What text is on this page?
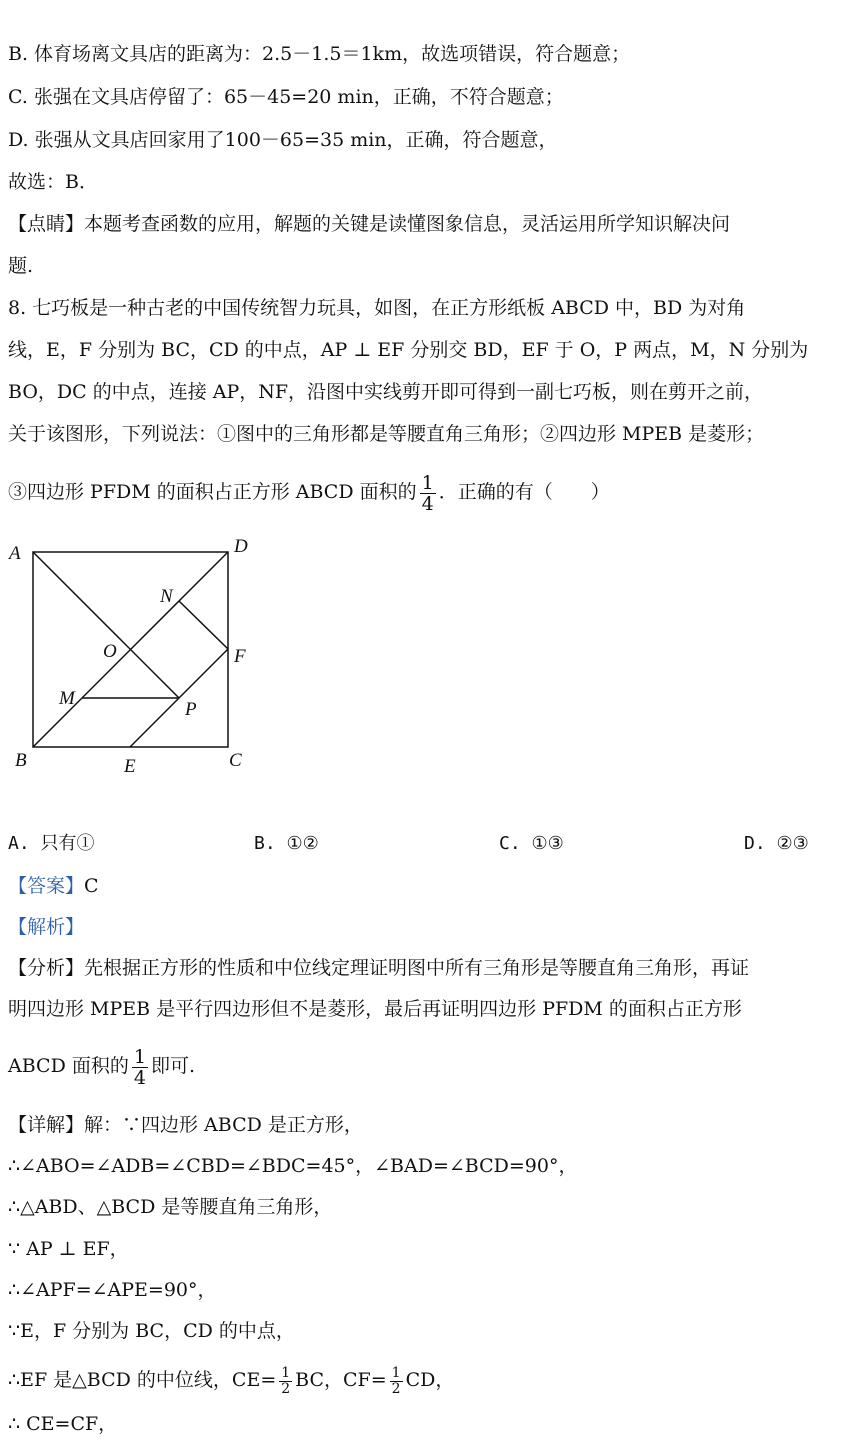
B. 体育场离文具店的距离为：2.5－1.5＝1km，故选项错误，符合题意；
C. 张强在文具店停留了：65－45=20 min，正确，不符合题意；
D. 张强从文具店回家用了100－65=35 min，正确，符合题意，
故选：B．
【点睛】本题考查函数的应用，解题的关键是读懂图象信息，灵活运用所学知识解决问
题.
8. 七巧板是一种古老的中国传统智力玩具，如图，在正方形纸板 ABCD 中，BD 为对角
线，E，F 分别为 BC，CD 的中点，AP ⊥ EF 分别交 BD，EF 于 O，P 两点，M，N 分别为
BO，DC 的中点，连接 AP，NF，沿图中实线剪开即可得到一副七巧板，则在剪开之前，
关于该图形，下列说法：①图中的三角形都是等腰直角三角形；②四边形 MPEB 是菱形；
③四边形 PFDM 的面积占正方形 ABCD 面积的 $\frac{1}{4}$ ．正确的有（　　）
A	D
N
O	F
M
P
B	E	C
A. 只有①	B. ①②	C. ①③	D. ②③
【答案】C
【解析】
【分析】先根据正方形的性质和中位线定理证明图中所有三角形是等腰直角三角形，再证
明四边形 MPEB 是平行四边形但不是菱形，最后再证明四边形 PFDM 的面积占正方形
ABCD 面积的 $\frac{1}{4}$ 即可.
【详解】解：∵四边形 ABCD 是正方形，
∴∠ABO=∠ADB=∠CBD=∠BDC=45°，∠BAD=∠BCD=90°，
∴△ABD、△BCD 是等腰直角三角形，
∵ AP ⊥ EF，
∴∠APF=∠APE=90°，
∵E，F 分别为 BC，CD 的中点，
∴EF 是△BCD 的中位线，$CE= \frac{1}{2}$ BC，$CF= \frac{1}{2}$ CD，
∴ CE=CF，
